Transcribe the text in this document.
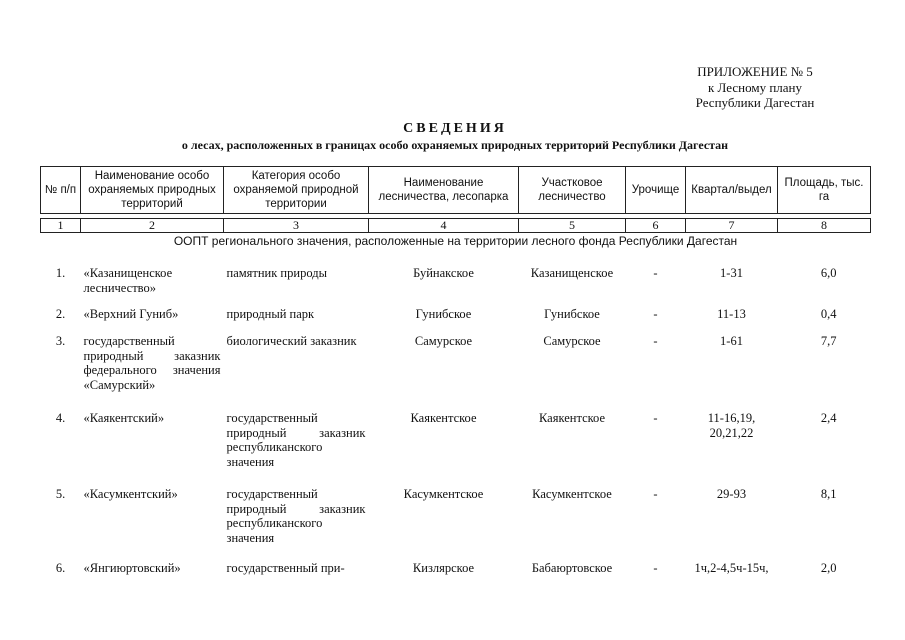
ПРИЛОЖЕНИЕ № 5
к Лесному плану
Республики Дагестан
СВЕДЕНИЯ
о лесах, расположенных в границах особо охраняемых природных территорий Республики Дагестан
№ п/п	Наименование особо охраняемых природных территорий	Категория особо охраняемой природной территории	Наименование лесничества, лесопарка	Участковое лесничество	Урочище	Квартал/выдел	Площадь, тыс. га

1	2	3	4	5	6	7	8
ООПТ регионального значения, расположенные на территории лесного фонда Республики Дагестан							
1.	«Казанищенское лесничество»	памятник природы	Буйнакское	Казанищенское	-	1-31	6,0
2.	«Верхний Гуниб»	природный парк	Гунибское	Гунибское	-	11-13	0,4
3.	государственный природный заказник федерального значения «Самурский»	биологический заказник	Самурское	Самурское	-	1-61	7,7
4.	«Каякентский»	государственный природный заказник республиканского значения	Каякентское	Каякентское	-	11-16,19, 20,21,22	2,4
5.	«Касумкентский»	государственный природный заказник республиканского значения	Касумкентское	Касумкентское	-	29-93	8,1
6.	«Янгиюртовский»	государственный при-	Кизлярское	Бабаюртовское	-	1ч,2-4,5ч-15ч,	2,0
